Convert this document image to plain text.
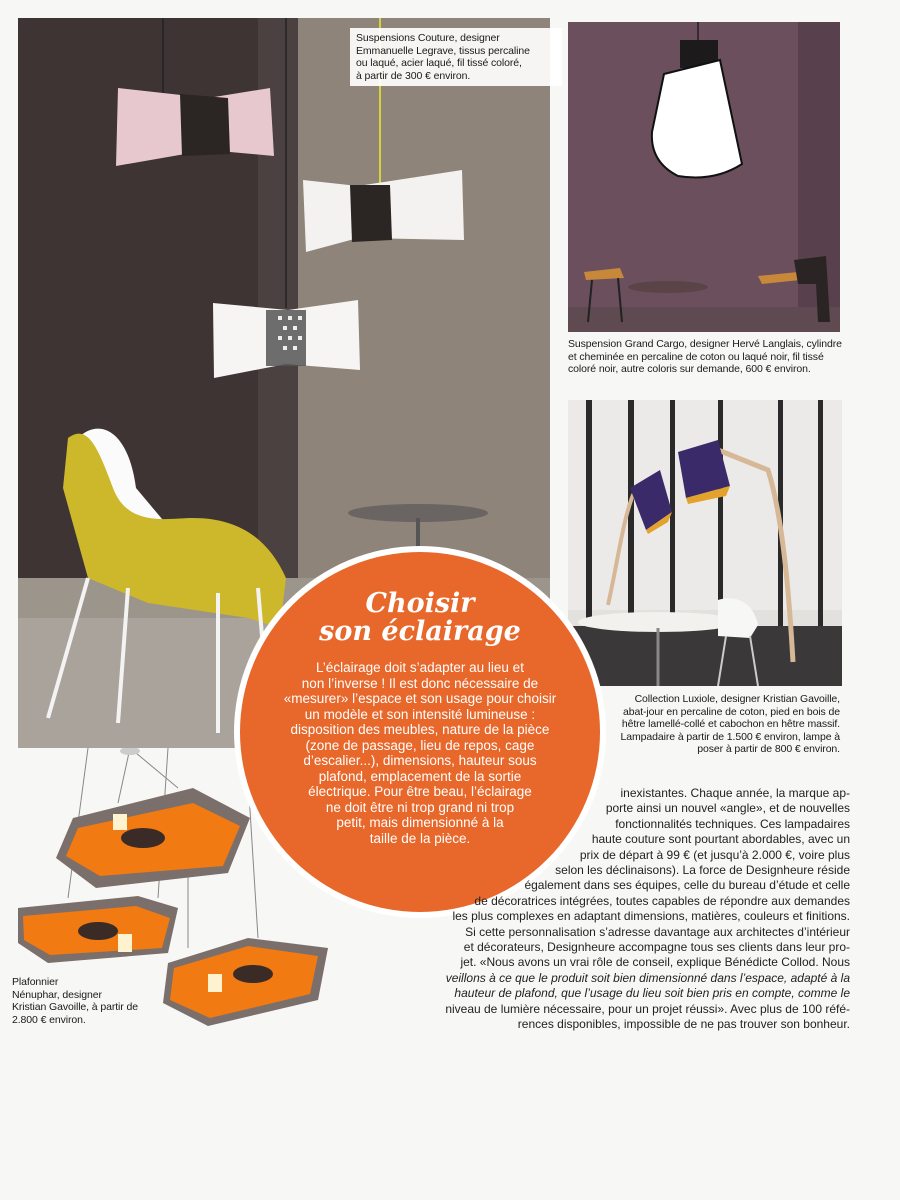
Suspensions Couture, designer
Emmanuelle Legrave, tissus percaline
ou laqué, acier laqué, fil tissé coloré,
à partir de 300 € environ.
Suspension Grand Cargo, designer Hervé Langlais, cylindre
et cheminée en percaline de coton ou laqué noir, fil tissé
coloré noir, autre coloris sur demande, 600 € environ.
Collection Luxiole, designer Kristian Gavoille,
abat-jour en percaline de coton, pied en bois de
hêtre lamellé-collé et cabochon en hêtre massif.
Lampadaire à partir de 1.500 € environ, lampe à
poser à partir de 800 € environ.
Plafonnier
Nénuphar, designer
Kristian Gavoille, à partir de
2.800 € environ.
Choisir
son éclairage
L’éclairage doit s’adapter au lieu et
non l’inverse ! Il est donc nécessaire de
«mesurer» l’espace et son usage pour choisir
un modèle et son intensité lumineuse :
disposition des meubles, nature de la pièce
(zone de passage, lieu de repos, cage
d’escalier...), dimensions, hauteur sous
plafond, emplacement de la sortie
électrique. Pour être beau, l’éclairage
ne doit être ni trop grand ni trop
petit, mais dimensionné à la
taille de la pièce.
inexistantes. Chaque année, la marque ap-
porte ainsi un nouvel «angle», et de nouvelles
fonctionnalités techniques. Ces lampadaires
haute couture sont pourtant abordables, avec un
prix de départ à 99 € (et jusqu’à 2.000 €, voire plus
selon les déclinaisons). La force de Designheure réside
également dans ses équipes, celle du bureau d’étude et celle
de décoratrices intégrées, toutes capables de répondre aux demandes
les plus complexes en adaptant dimensions, matières, couleurs et finitions.
Si cette personnalisation s’adresse davantage aux architectes d’intérieur
et décorateurs, Designheure accompagne tous ses clients dans leur pro-
jet. «Nous avons un vrai rôle de conseil, explique Bénédicte Collod. Nous
veillons à ce que le produit soit bien dimensionné dans l’espace, adapté à la
hauteur de plafond, que l’usage du lieu soit bien pris en compte, comme le
niveau de lumière nécessaire, pour un projet réussi». Avec plus de 100 réfé-
rences disponibles, impossible de ne pas trouver son bonheur.
